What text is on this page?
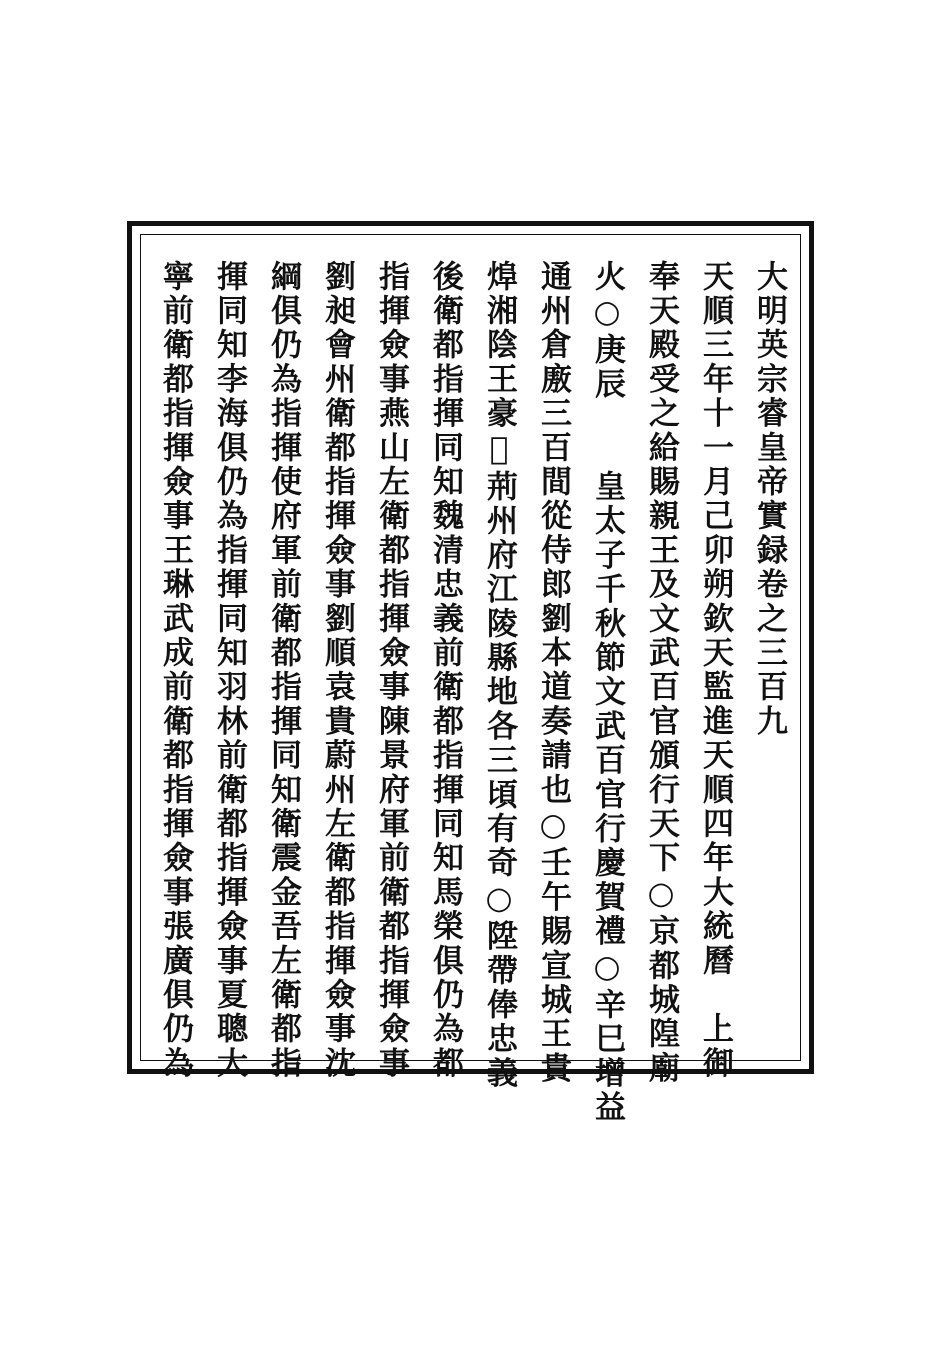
大明英宗睿皇帝實録卷之三百九
天順三年十一月己卯朔欽天監進天順四年大統曆　上御
奉天殿受之給賜親王及文武百官頒行天下○京都城隍廟
火○庚辰　　皇太子千秋節文武百官行慶賀禮○辛巳增益
通州倉廒三百間從侍郎劉本道奏請也○壬午賜宣城王貴
㷆湘陰王豪𤅬荊州府江陵縣地各三頃有奇○陞帶俸忠義
後衛都指揮同知魏清忠義前衛都指揮同知馬榮俱仍為都
指揮僉事燕山左衛都指揮僉事陳景府軍前衛都指揮僉事
劉昶會州衛都指揮僉事劉順袁貴蔚州左衛都指揮僉事沈
綱俱仍為指揮使府軍前衛都指揮同知衛震金吾左衛都指
揮同知李海俱仍為指揮同知羽林前衛都指揮僉事夏聰大
寧前衛都指揮僉事王琳武成前衛都指揮僉事張廣俱仍為
